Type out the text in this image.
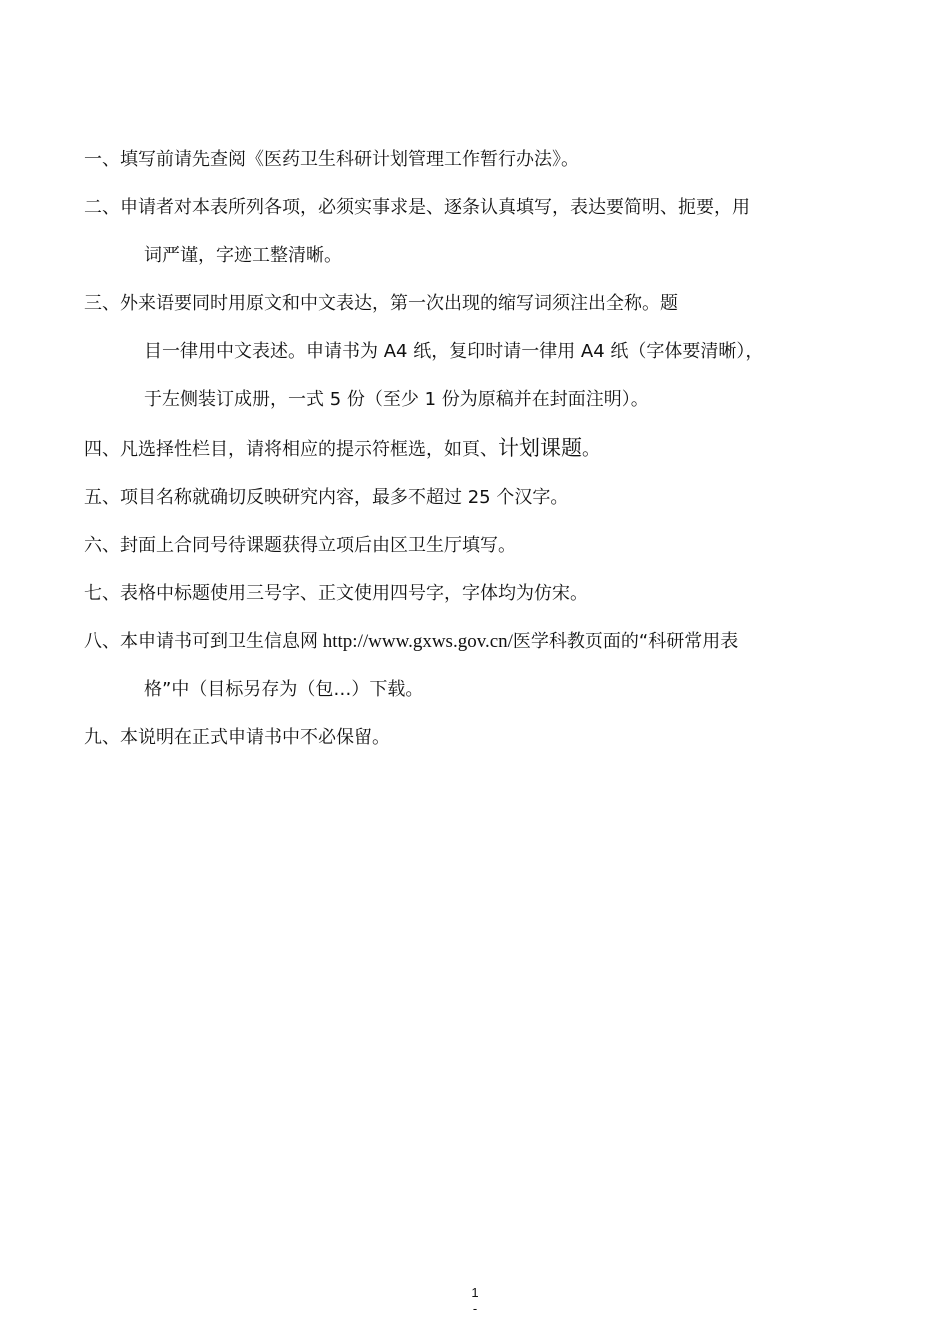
一、填写前请先查阅《医药卫生科研计划管理工作暂行办法》。
二、申请者对本表所列各项，必须实事求是、逐条认真填写，表达要简明、扼要，用
词严谨，字迹工整清晰。
三、外来语要同时用原文和中文表达，第一次出现的缩写词须注出全称。题
目一律用中文表述。申请书为 A4 纸，复印时请一律用 A4 纸（字体要清晰），
于左侧装订成册，一式 5 份（至少 1 份为原稿并在封面注明）。
四、凡选择性栏目，请将相应的提示符框选，如頁、计划课题。
五、项目名称就确切反映研究内容，最多不超过 25 个汉字。
六、封面上合同号待课题获得立项后由区卫生厅填写。
七、表格中标题使用三号字、正文使用四号字，字体均为仿宋。
八、本申请书可到卫生信息网 http://www.gxws.gov.cn/医学科教页面的“科研常用表
格”中（目标另存为（包…）下载。
九、本说明在正式申请书中不必保留。
1
-
